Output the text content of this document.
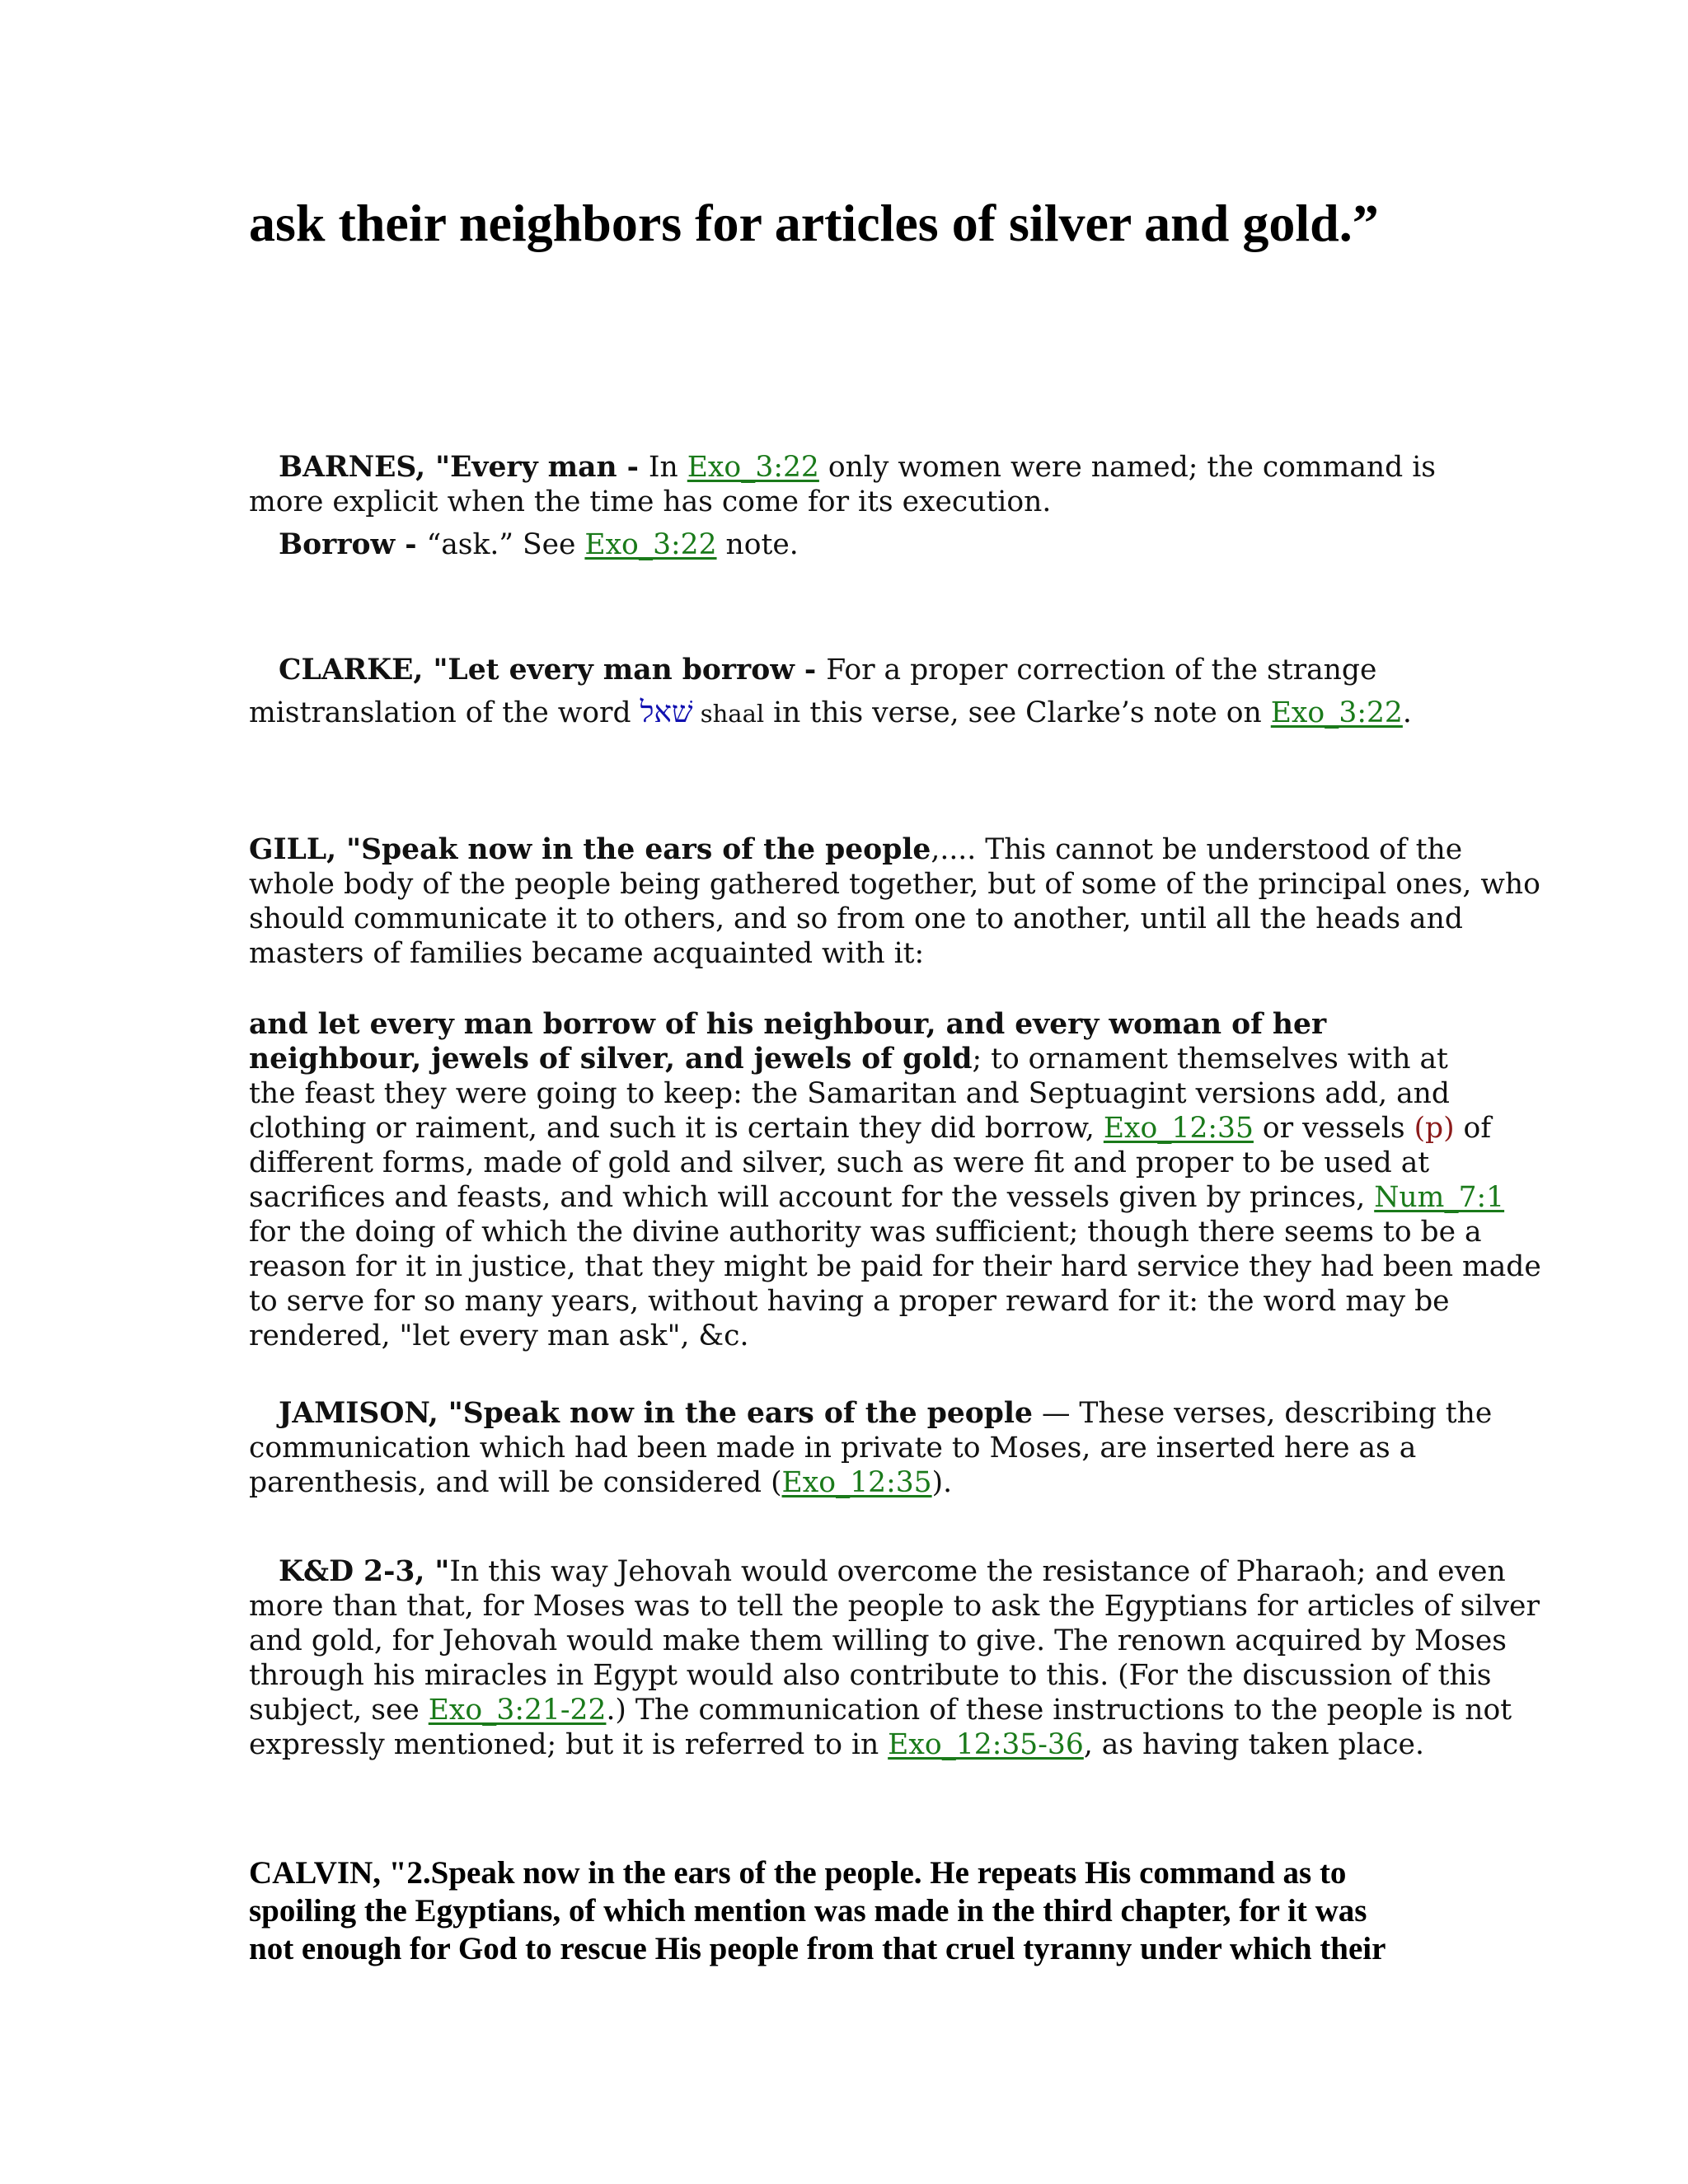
ask their neighbors for articles of silver and gold.”
BARNES, "Every man - In Exo_3:22 only women were named; the command is
more explicit when the time has come for its execution.
Borrow - “ask.” See Exo_3:22 note.
CLARKE, "Let every man borrow - For a proper correction of the strange
mistranslation of the word שׁאל shaal in this verse, see Clarke’s note on Exo_3:22.
GILL, "Speak now in the ears of the people,.... This cannot be understood of the
whole body of the people being gathered together, but of some of the principal ones, who
should communicate it to others, and so from one to another, until all the heads and
masters of families became acquainted with it:
and let every man borrow of his neighbour, and every woman of her
neighbour, jewels of silver, and jewels of gold; to ornament themselves with at
the feast they were going to keep: the Samaritan and Septuagint versions add, and
clothing or raiment, and such it is certain they did borrow, Exo_12:35 or vessels (p) of
different forms, made of gold and silver, such as were fit and proper to be used at
sacrifices and feasts, and which will account for the vessels given by princes, Num_7:1
for the doing of which the divine authority was sufficient; though there seems to be a
reason for it in justice, that they might be paid for their hard service they had been made
to serve for so many years, without having a proper reward for it: the word may be
rendered, "let every man ask", &c.
JAMISON, "Speak now in the ears of the people — These verses, describing the
communication which had been made in private to Moses, are inserted here as a
parenthesis, and will be considered (Exo_12:35).
K&D 2-3, "In this way Jehovah would overcome the resistance of Pharaoh; and even
more than that, for Moses was to tell the people to ask the Egyptians for articles of silver
and gold, for Jehovah would make them willing to give. The renown acquired by Moses
through his miracles in Egypt would also contribute to this. (For the discussion of this
subject, see Exo_3:21-22.) The communication of these instructions to the people is not
expressly mentioned; but it is referred to in Exo_12:35-36, as having taken place.
CALVIN, "2.Speak now in the ears of the people. He repeats His command as to
spoiling the Egyptians, of which mention was made in the third chapter, for it was
not enough for God to rescue His people from that cruel tyranny under which their
